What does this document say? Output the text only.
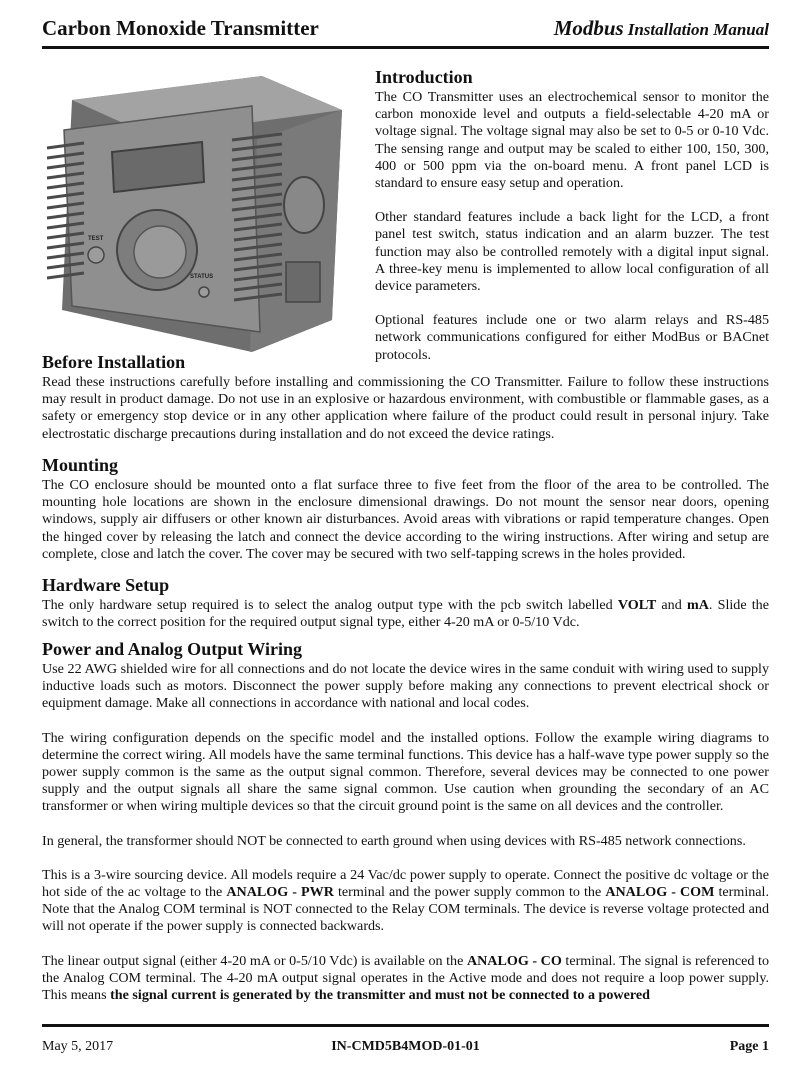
Carbon Monoxide Transmitter	Modbus Installation Manual
TEST
STATUS
Introduction

The CO Transmitter uses an electrochemical sensor to monitor the carbon monoxide level and outputs a field-selectable 4-20 mA or voltage signal. The voltage signal may also be set to 0-5 or 0-10 Vdc. The sensing range and output may be scaled to either 100, 150, 300, 400 or 500 ppm via the on-board menu. A front panel LCD is standard to ensure easy setup and operation.

Other standard features include a back light for the LCD, a front panel test switch, status indication and an alarm buzzer. The test function may also be controlled remotely with a digital input signal. A three-key menu is implemented to allow local configuration of all device parameters.

Optional features include one or two alarm relays and RS-485 network communications configured for either ModBus or BACnet protocols.

Before Installation

Read these instructions carefully before installing and commissioning the CO Transmitter. Failure to follow these instructions may result in product damage. Do not use in an explosive or hazardous environment, with combustible or flammable gases, as a safety or emergency stop device or in any other application where failure of the product could result in personal injury. Take electrostatic discharge precautions during installation and do not exceed the device ratings.

Mounting

The CO enclosure should be mounted onto a flat surface three to five feet from the floor of the area to be controlled. The mounting hole locations are shown in the enclosure dimensional drawings. Do not mount the sensor near doors, opening windows, supply air diffusers or other known air disturbances. Avoid areas with vibrations or rapid temperature changes. Open the hinged cover by releasing the latch and connect the device according to the wiring instructions. After wiring and setup are complete, close and latch the cover. The cover may be secured with two self-tapping screws in the holes provided.

Hardware Setup

The only hardware setup required is to select the analog output type with the pcb switch labelled VOLT and mA. Slide the switch to the correct position for the required output signal type, either 4-20 mA or 0-5/10 Vdc.

Power and Analog Output Wiring

Use 22 AWG shielded wire for all connections and do not locate the device wires in the same conduit with wiring used to supply inductive loads such as motors. Disconnect the power supply before making any connections to prevent electrical shock or equipment damage. Make all connections in accordance with national and local codes.

The wiring configuration depends on the specific model and the installed options. Follow the example wiring diagrams to determine the correct wiring. All models have the same terminal functions. This device has a half-wave type power supply so the power supply common is the same as the output signal common. Therefore, several devices may be connected to one power supply and the output signals all share the same signal common. Use caution when grounding the secondary of an AC transformer or when wiring multiple devices so that the circuit ground point is the same on all devices and the controller.

In general, the transformer should NOT be connected to earth ground when using devices with RS-485 network connections.

This is a 3-wire sourcing device. All models require a 24 Vac/dc power supply to operate. Connect the positive dc voltage or the hot side of the ac voltage to the ANALOG - PWR terminal and the power supply common to the ANALOG - COM terminal. Note that the Analog COM terminal is NOT connected to the Relay COM terminals. The device is reverse voltage protected and will not operate if the power supply is connected backwards.

The linear output signal (either 4-20 mA or 0-5/10 Vdc) is available on the ANALOG - CO terminal. The signal is referenced to the Analog COM terminal. The 4-20 mA output signal operates in the Active mode and does not require a loop power supply. This means the signal current is generated by the transmitter and must not be connected to a powered

May 5, 2017	IN-CMD5B4MOD-01-01	Page 1
